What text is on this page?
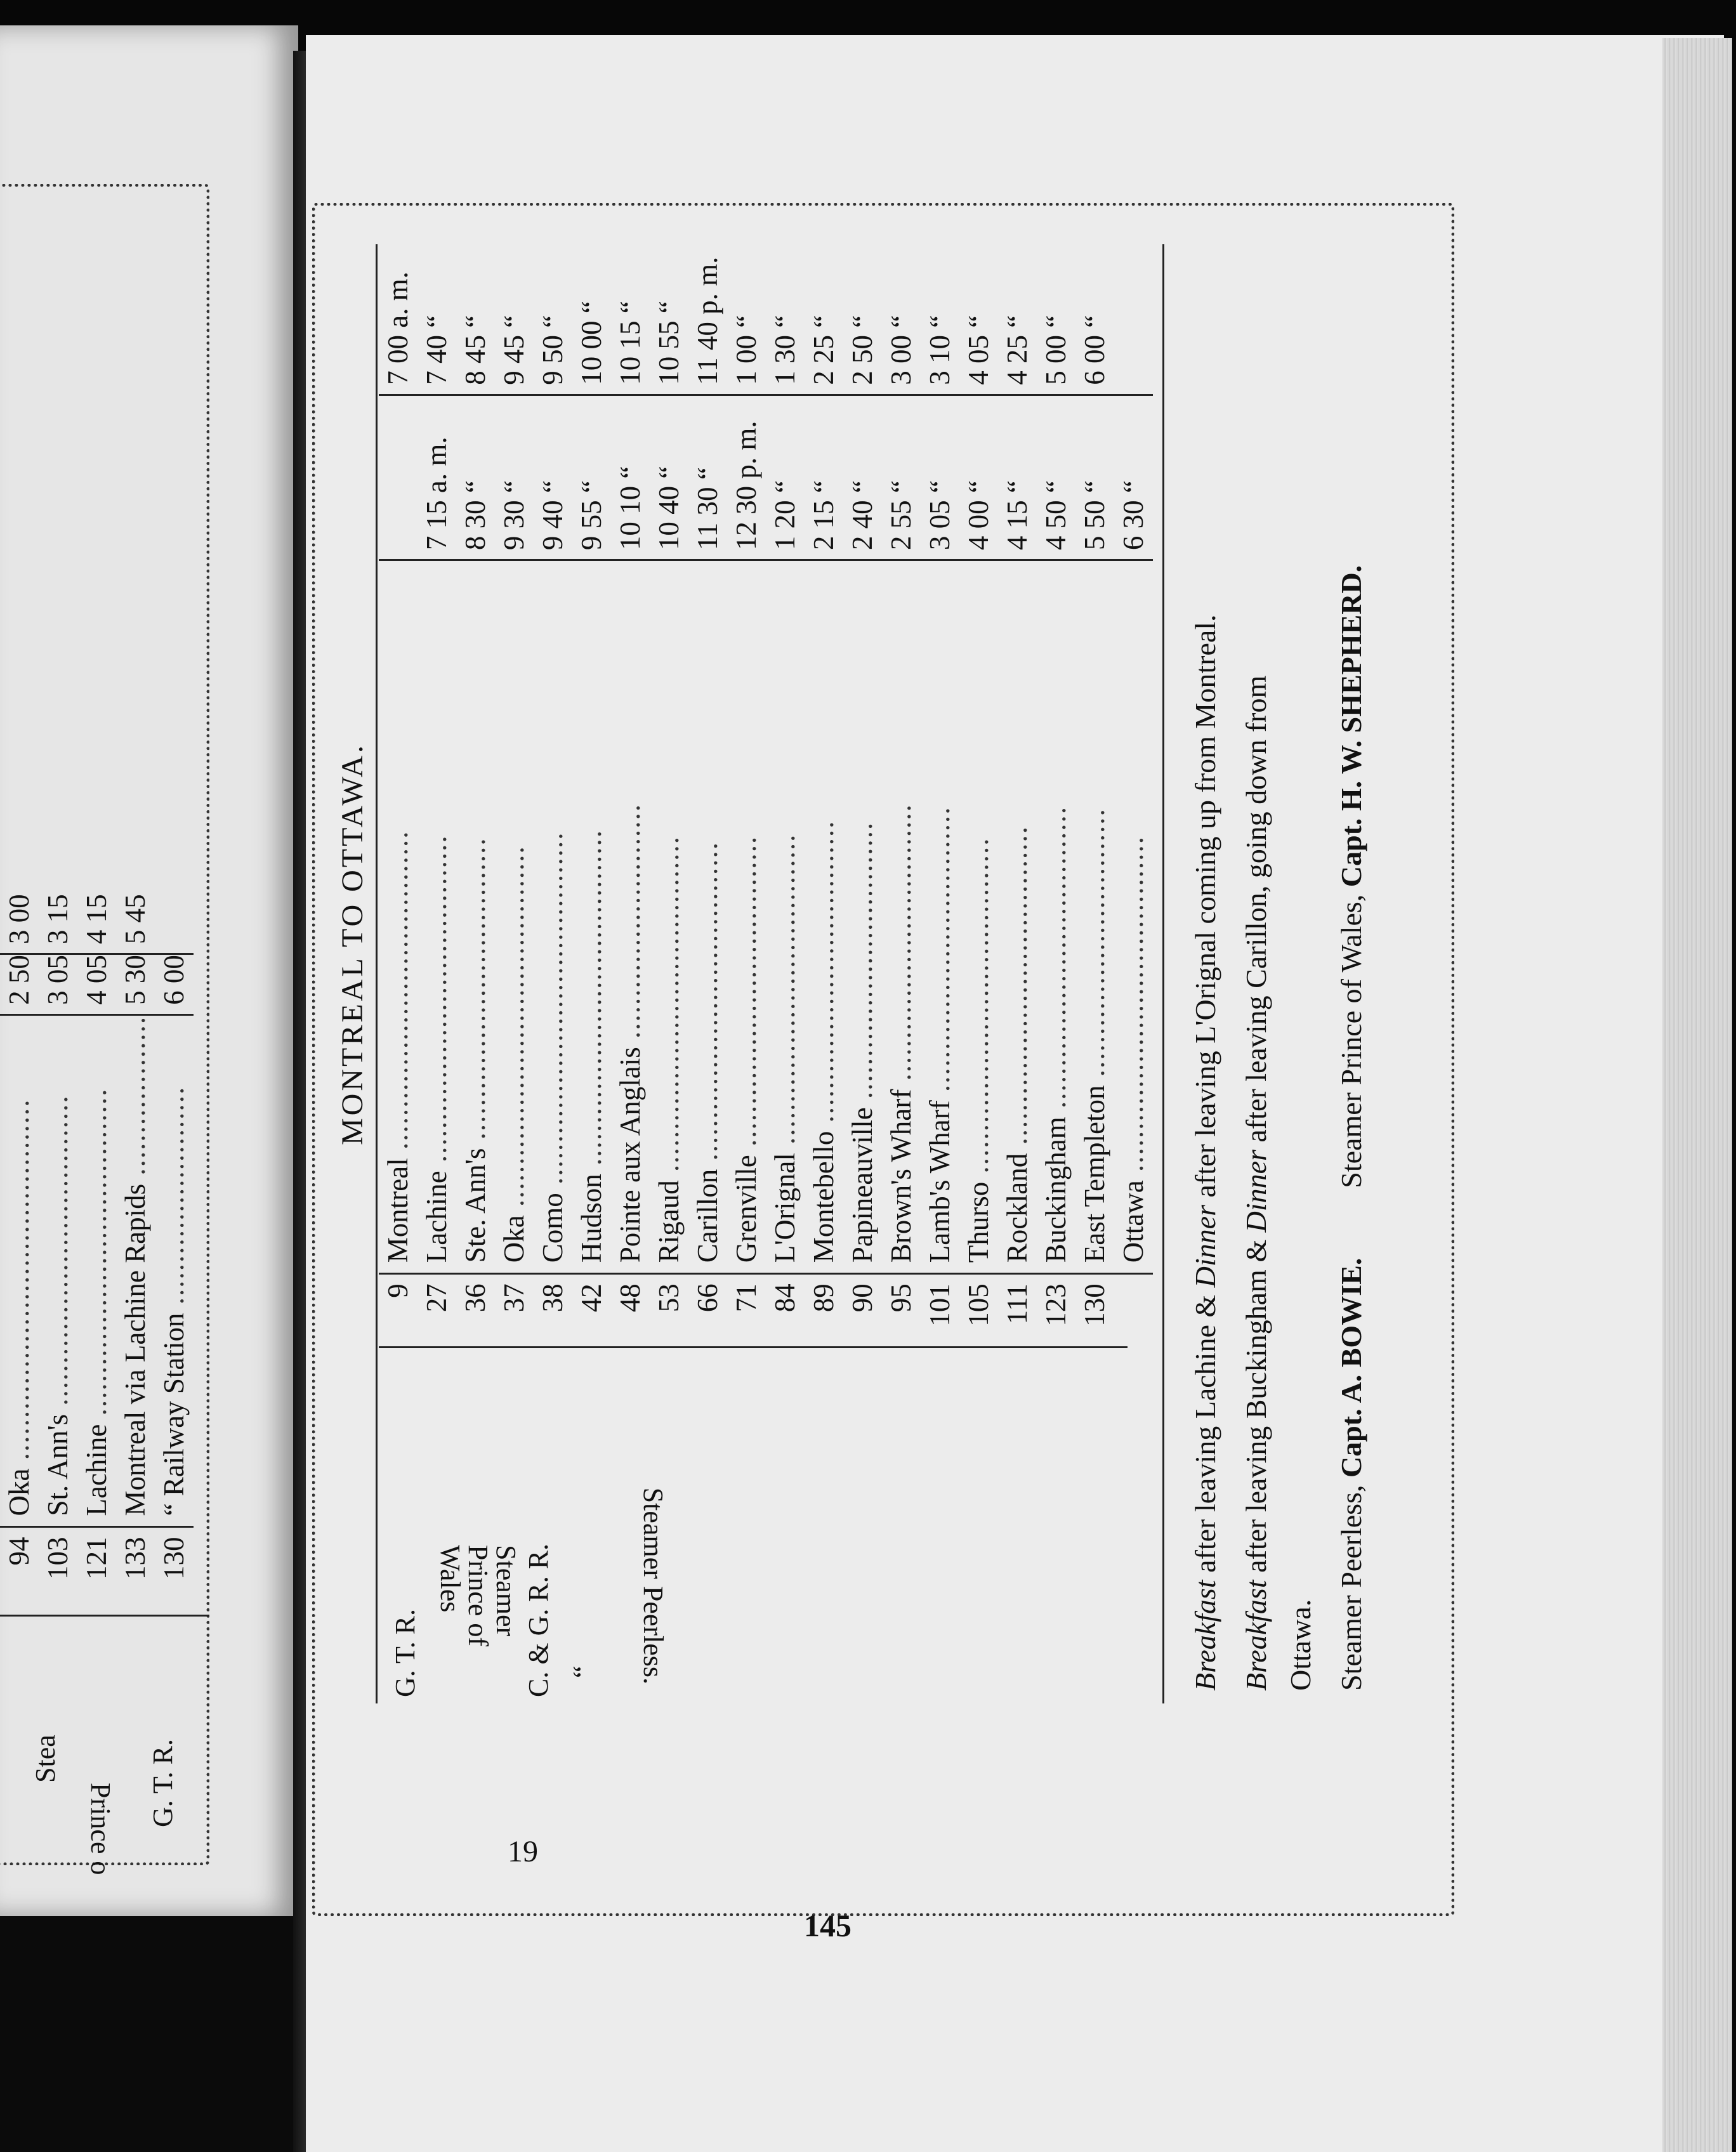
94	Oka ...........................................	2 50	3 00
103	St. Ann's .....................................	3 05	3 15
121	Lachine .......................................	4 05	4 15
133	Montreal via Lachine Rapids ...................	5 30	5 45
130	“ Railway Station ..........................	6 00	
Stea
Prince o G. T. R.
MONTREAL TO OTTAWA.
G. T. R.
Steamer Prince of Wales	C. & G. R. R. “ Steamer Peerless.
9	Montreal ......................................		7 00 a. m.
27	Lachine .......................................	7 15 a. m.	7 40 “
36	Ste. Ann's ....................................	8 30 “	8 45 “
37	Oka ...........................................	9 30 “	9 45 “
38	Como ..........................................	9 40 “	9 50 “
42	Hudson ........................................	9 55 “	10 00 “
48	Pointe aux Anglais ............................	10 10 “	10 15 “
53	Rigaud ........................................	10 40 “	10 55 “
66	Carillon ......................................	11 30 “	11 40 p. m.
71	Grenville .....................................	12 30 p. m.	1 00 “
84	L'Orignal .....................................	1 20 “	1 30 “
89	Montebello ....................................	2 15 “	2 25 “
90	Papineauville .................................	2 40 “	2 50 “
95	Brown's Wharf .................................	2 55 “	3 00 “
101	Lamb's Wharf ..................................	3 05 “	3 10 “
105	Thurso ........................................	4 00 “	4 05 “
111	Rockland ......................................	4 15 “	4 25 “
123	Buckingham ....................................	4 50 “	5 00 “
130	East Templeton ................................	5 50 “	6 00 “
	Ottawa ........................................	6 30 “	
Breakfast after leaving Lachine & Dinner after leaving L'Orignal coming up from Montreal.
Breakfast after leaving Buckingham & Dinner after leaving Carillon, going down from
Ottawa. Steamer Peerless, Capt. A. BOWIE.Steamer Prince of Wales, Capt. H. W. SHEPHERD.
145
19
